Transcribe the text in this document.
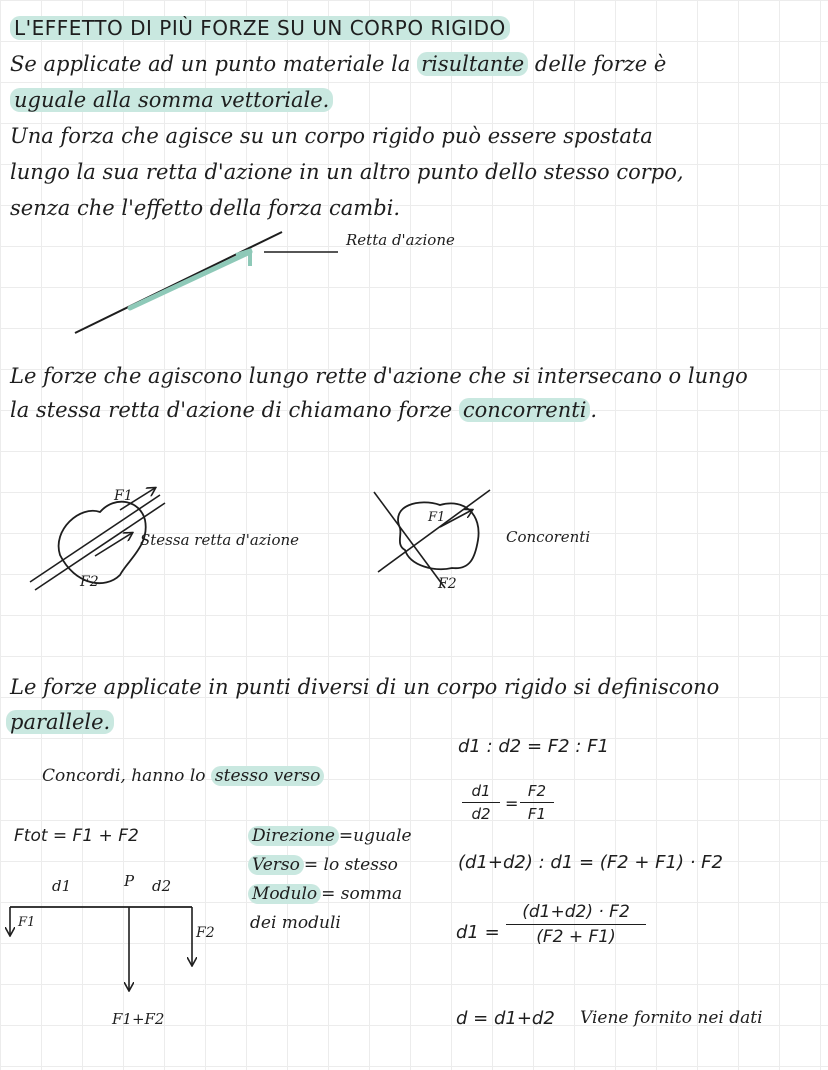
L'EFFETTO DI PIÙ FORZE SU UN CORPO RIGIDO
Se applicate ad un punto materiale la risultante delle forze è
uguale alla somma vettoriale.
Una forza che agisce su un corpo rigido può essere spostata
lungo la sua retta d'azione in un altro punto dello stesso corpo,
senza che l'effetto della forza cambi.
Retta d'azione
Le forze che agiscono lungo rette d'azione che si intersecano o lungo
la stessa retta d'azione di chiamano forze concorrenti .
F1
F2
Stessa retta d'azione
F1
F2
Concorenti
Le forze applicate in punti diversi di un corpo rigido si definiscono
parallele.
Concordi, hanno lo stesso verso
Ftot = F1 + F2	Direzione =uguale
Verso = lo stesso
Modulo = somma
dei moduli
d1	P d2
F1
F2
F1+F2
d1 : d2 = F2 : F1
d1
d2
=
F2
F1
(d1+d2) : d1 = (F2 + F1) · F2
d1 =
(d1+d2) · F2
(F2 + F1)
d = d1+d2 Viene fornito nei dati
